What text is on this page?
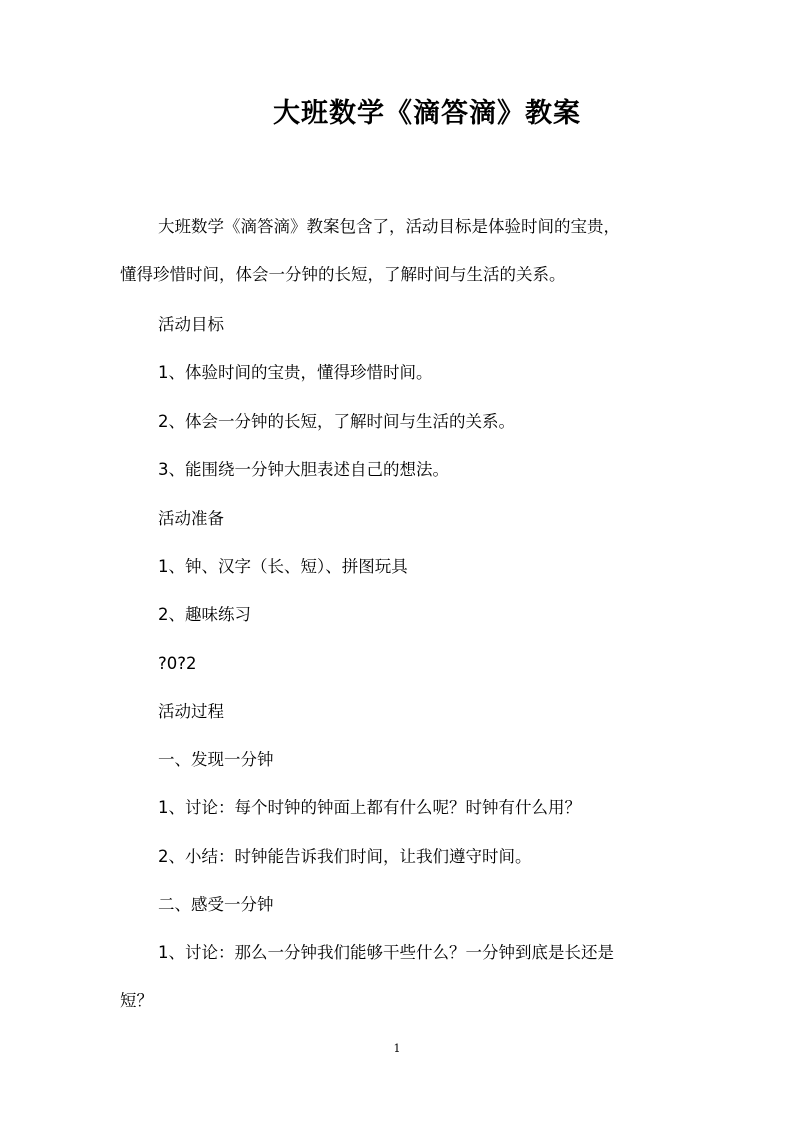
大班数学《滴答滴》教案
大班数学《滴答滴》教案包含了，活动目标是体验时间的宝贵，
懂得珍惜时间，体会一分钟的长短，了解时间与生活的关系。
活动目标
1、体验时间的宝贵，懂得珍惜时间。
2、体会一分钟的长短，了解时间与生活的关系。
3、能围绕一分钟大胆表述自己的想法。
活动准备
1、钟、汉字（长、短）、拼图玩具
2、趣味练习
?0?2
活动过程
一、发现一分钟
1、讨论：每个时钟的钟面上都有什么呢？时钟有什么用？
2、小结：时钟能告诉我们时间，让我们遵守时间。
二、感受一分钟
1、讨论：那么一分钟我们能够干些什么？一分钟到底是长还是
短？
1
